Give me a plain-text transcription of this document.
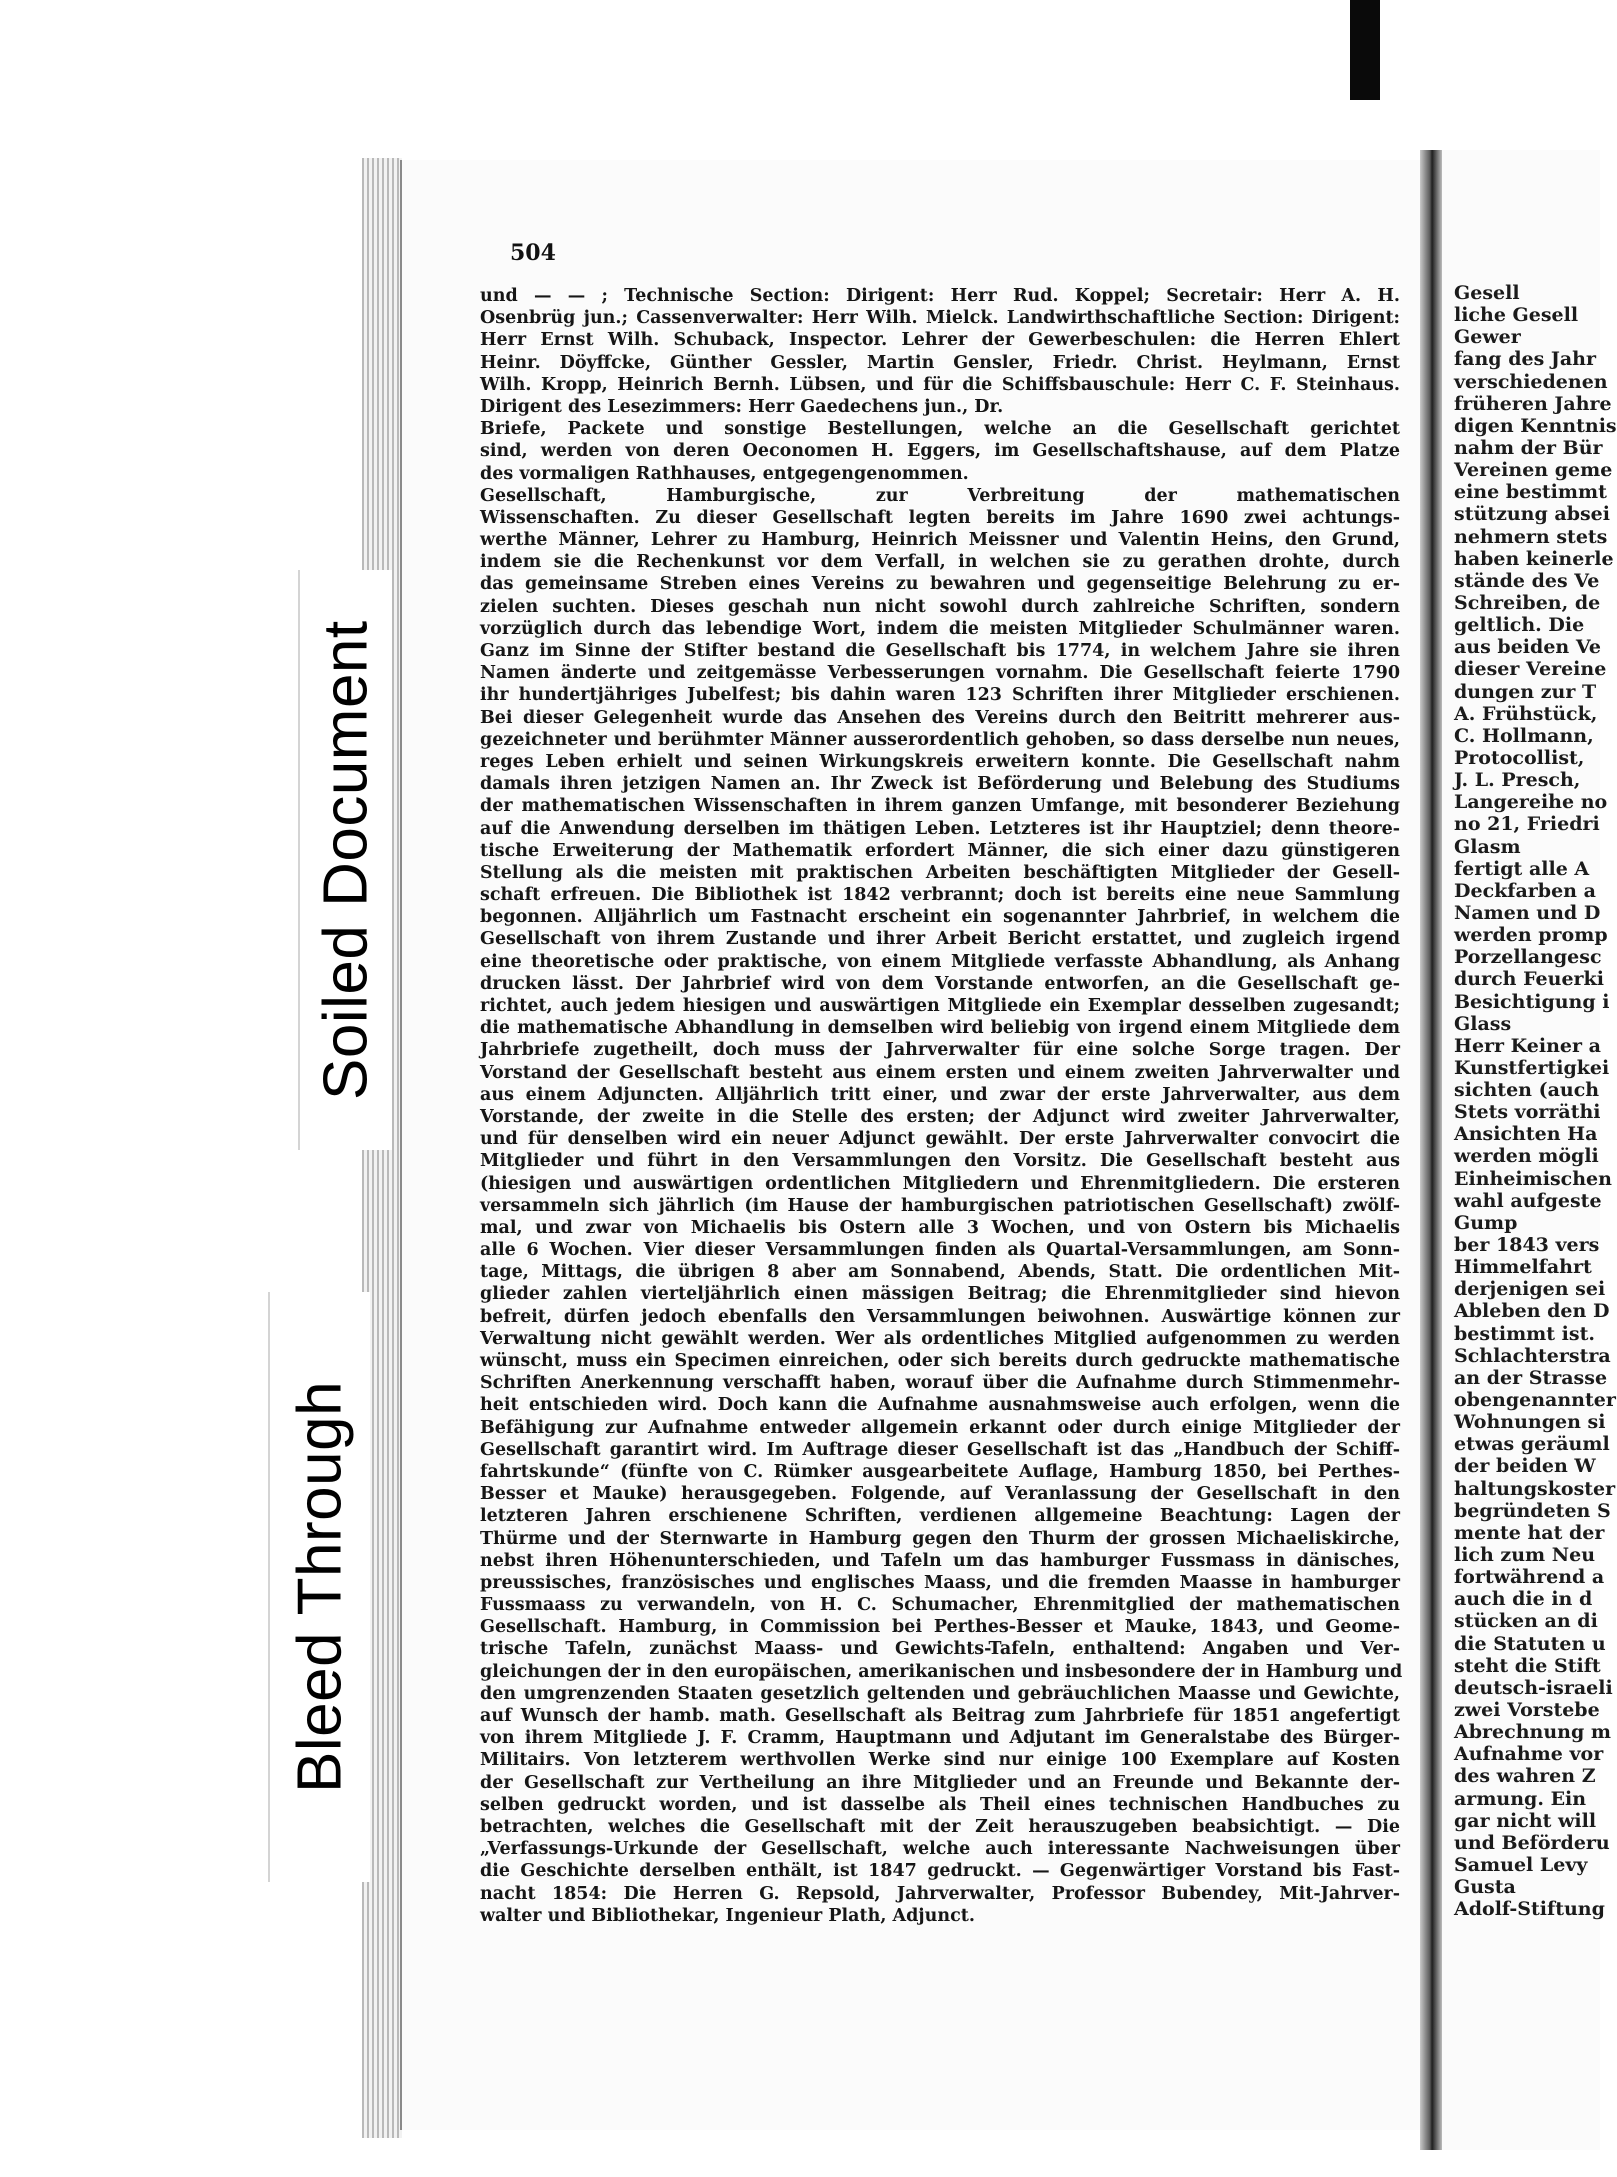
504
und — — ; Technische Section: Dirigent: Herr Rud. Koppel; Secretair: Herr A. H.
Osenbrüg jun.; Cassenverwalter: Herr Wilh. Mielck. Landwirthschaftliche Section: Dirigent:
Herr Ernst Wilh. Schuback, Inspector. Lehrer der Gewerbeschulen: die Herren Ehlert
Heinr. Döyffcke, Günther Gessler, Martin Gensler, Friedr. Christ. Heylmann, Ernst
Wilh. Kropp, Heinrich Bernh. Lübsen, und für die Schiffsbauschule: Herr C. F. Steinhaus.
Dirigent des Lesezimmers: Herr Gaedechens jun., Dr.
Briefe, Packete und sonstige Bestellungen, welche an die Gesellschaft gerichtet
sind, werden von deren Oeconomen H. Eggers, im Gesellschaftshause, auf dem Platze
des vormaligen Rathhauses, entgegengenommen.
Gesellschaft, Hamburgische, zur Verbreitung der mathematischen
Wissenschaften. Zu dieser Gesellschaft legten bereits im Jahre 1690 zwei achtungs-
werthe Männer, Lehrer zu Hamburg, Heinrich Meissner und Valentin Heins, den Grund,
indem sie die Rechenkunst vor dem Verfall, in welchen sie zu gerathen drohte, durch
das gemeinsame Streben eines Vereins zu bewahren und gegenseitige Belehrung zu er-
zielen suchten. Dieses geschah nun nicht sowohl durch zahlreiche Schriften, sondern
vorzüglich durch das lebendige Wort, indem die meisten Mitglieder Schulmänner waren.
Ganz im Sinne der Stifter bestand die Gesellschaft bis 1774, in welchem Jahre sie ihren
Namen änderte und zeitgemässe Verbesserungen vornahm. Die Gesellschaft feierte 1790
ihr hundertjähriges Jubelfest; bis dahin waren 123 Schriften ihrer Mitglieder erschienen.
Bei dieser Gelegenheit wurde das Ansehen des Vereins durch den Beitritt mehrerer aus-
gezeichneter und berühmter Männer ausserordentlich gehoben, so dass derselbe nun neues,
reges Leben erhielt und seinen Wirkungskreis erweitern konnte. Die Gesellschaft nahm
damals ihren jetzigen Namen an. Ihr Zweck ist Beförderung und Belebung des Studiums
der mathematischen Wissenschaften in ihrem ganzen Umfange, mit besonderer Beziehung
auf die Anwendung derselben im thätigen Leben. Letzteres ist ihr Hauptziel; denn theore-
tische Erweiterung der Mathematik erfordert Männer, die sich einer dazu günstigeren
Stellung als die meisten mit praktischen Arbeiten beschäftigten Mitglieder der Gesell-
schaft erfreuen. Die Bibliothek ist 1842 verbrannt; doch ist bereits eine neue Sammlung
begonnen. Alljährlich um Fastnacht erscheint ein sogenannter Jahrbrief, in welchem die
Gesellschaft von ihrem Zustande und ihrer Arbeit Bericht erstattet, und zugleich irgend
eine theoretische oder praktische, von einem Mitgliede verfasste Abhandlung, als Anhang
drucken lässt. Der Jahrbrief wird von dem Vorstande entworfen, an die Gesellschaft ge-
richtet, auch jedem hiesigen und auswärtigen Mitgliede ein Exemplar desselben zugesandt;
die mathematische Abhandlung in demselben wird beliebig von irgend einem Mitgliede dem
Jahrbriefe zugetheilt, doch muss der Jahrverwalter für eine solche Sorge tragen. Der
Vorstand der Gesellschaft besteht aus einem ersten und einem zweiten Jahrverwalter und
aus einem Adjuncten. Alljährlich tritt einer, und zwar der erste Jahrverwalter, aus dem
Vorstande, der zweite in die Stelle des ersten; der Adjunct wird zweiter Jahrverwalter,
und für denselben wird ein neuer Adjunct gewählt. Der erste Jahrverwalter convocirt die
Mitglieder und führt in den Versammlungen den Vorsitz. Die Gesellschaft besteht aus
(hiesigen und auswärtigen ordentlichen Mitgliedern und Ehrenmitgliedern. Die ersteren
versammeln sich jährlich (im Hause der hamburgischen patriotischen Gesellschaft) zwölf-
mal, und zwar von Michaelis bis Ostern alle 3 Wochen, und von Ostern bis Michaelis
alle 6 Wochen. Vier dieser Versammlungen finden als Quartal-Versammlungen, am Sonn-
tage, Mittags, die übrigen 8 aber am Sonnabend, Abends, Statt. Die ordentlichen Mit-
glieder zahlen vierteljährlich einen mässigen Beitrag; die Ehrenmitglieder sind hievon
befreit, dürfen jedoch ebenfalls den Versammlungen beiwohnen. Auswärtige können zur
Verwaltung nicht gewählt werden. Wer als ordentliches Mitglied aufgenommen zu werden
wünscht, muss ein Specimen einreichen, oder sich bereits durch gedruckte mathematische
Schriften Anerkennung verschafft haben, worauf über die Aufnahme durch Stimmenmehr-
heit entschieden wird. Doch kann die Aufnahme ausnahmsweise auch erfolgen, wenn die
Befähigung zur Aufnahme entweder allgemein erkannt oder durch einige Mitglieder der
Gesellschaft garantirt wird. Im Auftrage dieser Gesellschaft ist das „Handbuch der Schiff-
fahrtskunde“ (fünfte von C. Rümker ausgearbeitete Auflage, Hamburg 1850, bei Perthes-
Besser et Mauke) herausgegeben. Folgende, auf Veranlassung der Gesellschaft in den
letzteren Jahren erschienene Schriften, verdienen allgemeine Beachtung: Lagen der
Thürme und der Sternwarte in Hamburg gegen den Thurm der grossen Michaeliskirche,
nebst ihren Höhenunterschieden, und Tafeln um das hamburger Fussmass in dänisches,
preussisches, französisches und englisches Maass, und die fremden Maasse in hamburger
Fussmaass zu verwandeln, von H. C. Schumacher, Ehrenmitglied der mathematischen
Gesellschaft. Hamburg, in Commission bei Perthes-Besser et Mauke, 1843, und Geome-
trische Tafeln, zunächst Maass- und Gewichts-Tafeln, enthaltend: Angaben und Ver-
gleichungen der in den europäischen, amerikanischen und insbesondere der in Hamburg und
den umgrenzenden Staaten gesetzlich geltenden und gebräuchlichen Maasse und Gewichte,
auf Wunsch der hamb. math. Gesellschaft als Beitrag zum Jahrbriefe für 1851 angefertigt
von ihrem Mitgliede J. F. Cramm, Hauptmann und Adjutant im Generalstabe des Bürger-
Militairs. Von letzterem werthvollen Werke sind nur einige 100 Exemplare auf Kosten
der Gesellschaft zur Vertheilung an ihre Mitglieder und an Freunde und Bekannte der-
selben gedruckt worden, und ist dasselbe als Theil eines technischen Handbuches zu
betrachten, welches die Gesellschaft mit der Zeit herauszugeben beabsichtigt. — Die
„Verfassungs-Urkunde der Gesellschaft, welche auch interessante Nachweisungen über
die Geschichte derselben enthält, ist 1847 gedruckt. — Gegenwärtiger Vorstand bis Fast-
nacht 1854: Die Herren G. Repsold, Jahrverwalter, Professor Bubendey, Mit-Jahrver-
walter und Bibliothekar, Ingenieur Plath, Adjunct.
Gesell
liche Gesell
Gewer
fang des Jahr
verschiedenen
früheren Jahre
digen Kenntnis
nahm der Bür
Vereinen geme
eine bestimmt
stützung absei
nehmern stets
haben keinerle
stände des Ve
Schreiben, de
geltlich. Die
aus beiden Ve
dieser Vereine
dungen zur T
A. Frühstück,
C. Hollmann,
Protocollist,
J. L. Presch,
Langereihe no
no 21, Friedri
Glasm
fertigt alle A
Deckfarben a
Namen und D
werden promp
Porzellangesc
durch Feuerki
Besichtigung i
Glass
Herr Keiner a
Kunstfertigkei
sichten (auch
Stets vorräthi
Ansichten Ha
werden mögli
Einheimischen
wahl aufgeste
Gump
ber 1843 vers
Himmelfahrt
derjenigen sei
Ableben den D
bestimmt ist.
Schlachterstra
an der Strasse
obengenannter
Wohnungen si
etwas geräuml
der beiden W
haltungskoster
begründeten S
mente hat der
lich zum Neu
fortwährend a
auch die in d
stücken an di
die Statuten u
steht die Stift
deutsch-israeli
zwei Vorstebe
Abrechnung m
Aufnahme vor
des wahren Z
armung. Ein
gar nicht will
und Beförderu
Samuel Levy
Gusta
Adolf-Stiftung
Soiled Document
Bleed Through
